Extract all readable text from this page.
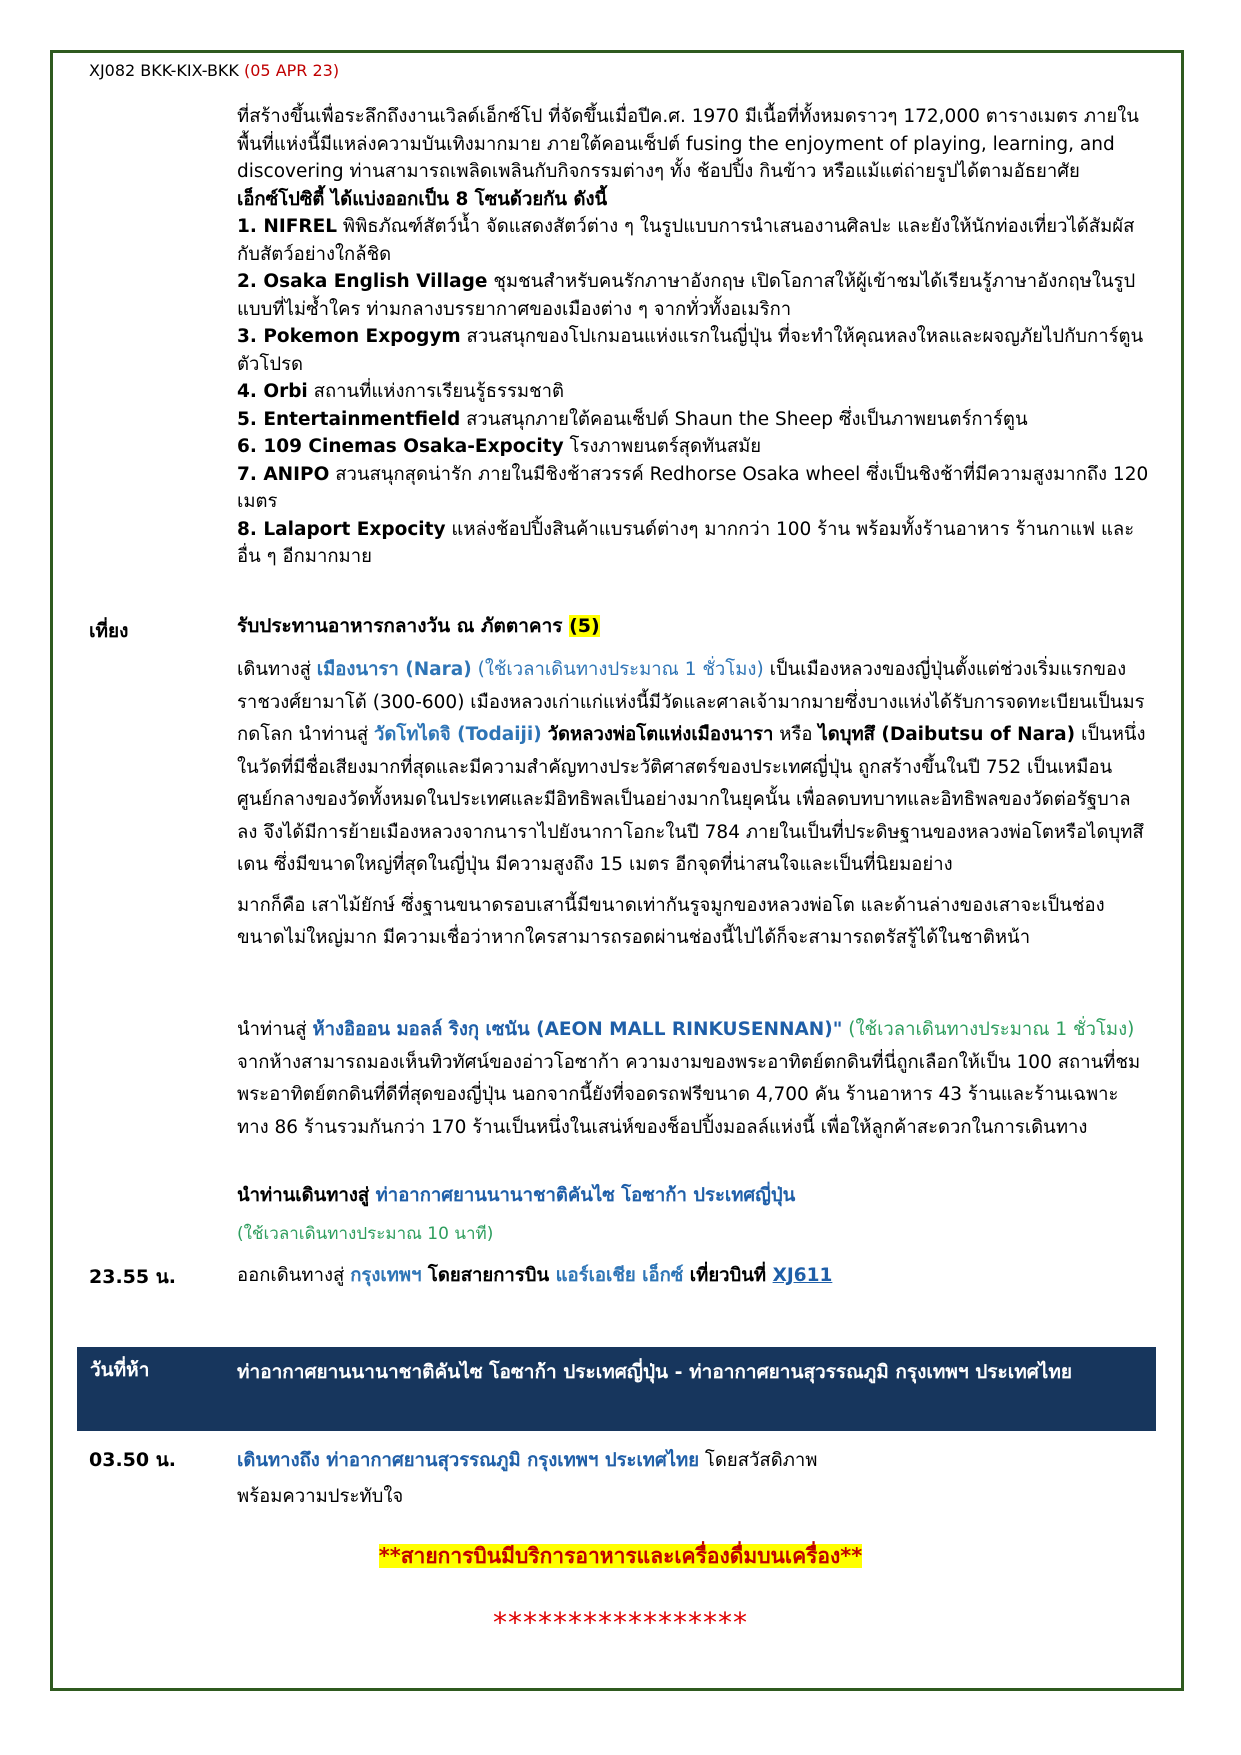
XJ082 BKK-KIX-BKK (05 APR 23)

ที่สร้างขึ้นเพื่อระลึกถึงงานเวิลด์เอ็กซ์โป ที่จัดขึ้นเมื่อปีค.ศ. 1970 มีเนื้อที่ทั้งหมดราวๆ 172,000 ตารางเมตร ภายในพื้นที่แห่งนี้มีแหล่งความบันเทิงมากมาย ภายใต้คอนเซ็ปต์ fusing the enjoyment of playing, learning, and discovering ท่านสามารถเพลิดเพลินกับกิจกรรมต่างๆ ทั้ง ช้อปปิ้ง กินข้าว หรือแม้แต่ถ่ายรูปได้ตามอัธยาศัย

เอ็กซ์โปซิตี้ ได้แบ่งออกเป็น 8 โซนด้วยกัน ดังนี้

1. NIFREL พิพิธภัณฑ์สัตว์น้ำ จัดแสดงสัตว์ต่าง ๆ ในรูปแบบการนำเสนองานศิลปะ และยังให้นักท่องเที่ยวได้สัมผัสกับสัตว์อย่างใกล้ชิด

2. Osaka English Village ชุมชนสำหรับคนรักภาษาอังกฤษ เปิดโอกาสให้ผู้เข้าชมได้เรียนรู้ภาษาอังกฤษในรูปแบบที่ไม่ซ้ำใคร ท่ามกลางบรรยากาศของเมืองต่าง ๆ จากทั่วทั้งอเมริกา

3. Pokemon Expogym สวนสนุกของโปเกมอนแห่งแรกในญี่ปุ่น ที่จะทำให้คุณหลงใหลและผจญภัยไปกับการ์ตูนตัวโปรด

4. Orbi สถานที่แห่งการเรียนรู้ธรรมชาติ

5. Entertainmentfield สวนสนุกภายใต้คอนเซ็ปต์ Shaun the Sheep ซึ่งเป็นภาพยนตร์การ์ตูน

6. 109 Cinemas Osaka-Expocity โรงภาพยนตร์สุดทันสมัย

7. ANIPO สวนสนุกสุดน่ารัก ภายในมีชิงช้าสวรรค์ Redhorse Osaka wheel ซึ่งเป็นชิงช้าที่มีความสูงมากถึง 120 เมตร

8. Lalaport Expocity แหล่งช้อปปิ้งสินค้าแบรนด์ต่างๆ มากกว่า 100 ร้าน พร้อมทั้งร้านอาหาร ร้านกาแฟ และอื่น ๆ อีกมากมาย

เที่ยง	รับประทานอาหารกลางวัน ณ ภัตตาคาร (5)

เดินทางสู่ เมืองนารา (Nara) (ใช้เวลาเดินทางประมาณ 1 ชั่วโมง) เป็นเมืองหลวงของญี่ปุ่นตั้งแต่ช่วงเริ่มแรกของราชวงศ์ยามาโต้ (300-600) เมืองหลวงเก่าแก่แห่งนี้มีวัดและศาลเจ้ามากมายซึ่งบางแห่งได้รับการจดทะเบียนเป็นมรกดโลก นำท่านสู่ วัดโทไดจิ (Todaiji) วัดหลวงพ่อโตแห่งเมืองนารา หรือ ไดบุทสึ (Daibutsu of Nara) เป็นหนึ่งในวัดที่มีชื่อเสียงมากที่สุดและมีความสำคัญทางประวัติศาสตร์ของประเทศญี่ปุ่น ถูกสร้างขึ้นในปี 752 เป็นเหมือนศูนย์กลางของวัดทั้งหมดในประเทศและมีอิทธิพลเป็นอย่างมากในยุคนั้น เพื่อลดบทบาทและอิทธิพลของวัดต่อรัฐบาลลง จึงได้มีการย้ายเมืองหลวงจากนาราไปยังนากาโอกะในปี 784 ภายในเป็นที่ประดิษฐานของหลวงพ่อโตหรือไดบุทสึเดน ซึ่งมีขนาดใหญ่ที่สุดในญี่ปุ่น มีความสูงถึง 15 เมตร อีกจุดที่น่าสนใจและเป็นที่นิยมอย่าง

มากก็คือ เสาไม้ยักษ์ ซึ่งฐานขนาดรอบเสานี้มีขนาดเท่ากันรูจมูกของหลวงพ่อโต และด้านล่างของเสาจะเป็นช่องขนาดไม่ใหญ่มาก มีความเชื่อว่าหากใครสามารถรอดผ่านช่องนี้ไปได้ก็จะสามารถตรัสรู้ได้ในชาติหน้า

นำท่านสู่ ห้างอิออน มอลล์ ริงกุ เซนัน (AEON MALL RINKUSENNAN)" (ใช้เวลาเดินทางประมาณ 1 ชั่วโมง) จากห้างสามารถมองเห็นทิวทัศน์ของอ่าวโอซาก้า ความงามของพระอาทิตย์ตกดินที่นี่ถูกเลือกให้เป็น 100 สถานที่ชมพระอาทิตย์ตกดินที่ดีที่สุดของญี่ปุ่น นอกจากนี้ยังที่จอดรถฟรีขนาด 4,700 คัน ร้านอาหาร 43 ร้านและร้านเฉพาะทาง 86 ร้านรวมกันกว่า 170 ร้านเป็นหนึ่งในเสน่ห์ของช็อปปิ้งมอลล์แห่งนี้ เพื่อให้ลูกค้าสะดวกในการเดินทาง

นำท่านเดินทางสู่ ท่าอากาศยานนานาชาติคันไซ โอซาก้า ประเทศญี่ปุ่น
(ใช้เวลาเดินทางประมาณ 10 นาที)
23.55 น.	ออกเดินทางสู่ กรุงเทพฯ โดยสายการบิน แอร์เอเชีย เอ็กซ์ เที่ยวบินที่ XJ611
วันที่ห้า	ท่าอากาศยานนานาชาติคันไซ โอซาก้า ประเทศญี่ปุ่น - ท่าอากาศยานสุวรรณภูมิ กรุงเทพฯ ประเทศไทย
03.50 น.	เดินทางถึง ท่าอากาศยานสุวรรณภูมิ กรุงเทพฯ ประเทศไทย โดยสวัสดิภาพ
พร้อมความประทับใจ
**สายการบินมีบริการอาหารและเครื่องดื่มบนเครื่อง**
*****************
